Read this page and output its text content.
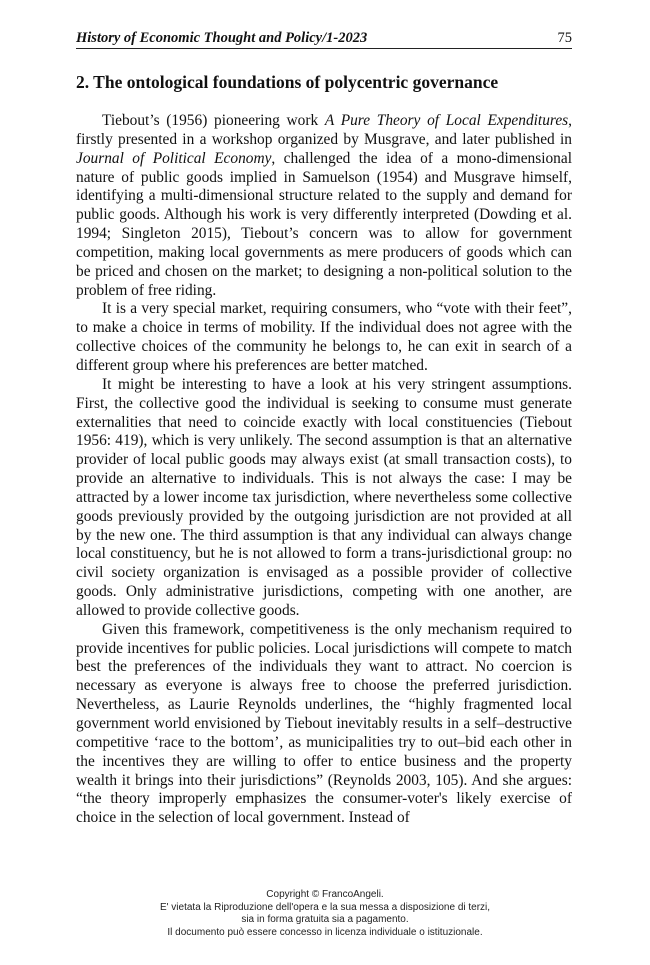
History of Economic Thought and Policy/1-2023	75
2. The ontological foundations of polycentric governance

Tiebout’s (1956) pioneering work A Pure Theory of Local Expenditures, firstly presented in a workshop organized by Musgrave, and later published in Journal of Political Economy, challenged the idea of a mono-dimensional nature of public goods implied in Samuelson (1954) and Musgrave himself, identifying a multi-dimensional structure related to the supply and demand for public goods. Although his work is very differently interpreted (Dowding et al. 1994; Singleton 2015), Tiebout’s concern was to allow for government competition, making local governments as mere producers of goods which can be priced and chosen on the market; to designing a non-political solution to the problem of free riding.

It is a very special market, requiring consumers, who “vote with their feet”, to make a choice in terms of mobility. If the individual does not agree with the collective choices of the community he belongs to, he can exit in search of a different group where his preferences are better matched.

It might be interesting to have a look at his very stringent assumptions. First, the collective good the individual is seeking to consume must generate externalities that need to coincide exactly with local constituencies (Tiebout 1956: 419), which is very unlikely. The second assumption is that an alternative provider of local public goods may always exist (at small transaction costs), to provide an alternative to individuals. This is not always the case: I may be attracted by a lower income tax jurisdiction, where nevertheless some collective goods previously provided by the outgoing jurisdiction are not provided at all by the new one. The third assumption is that any individual can always change local constituency, but he is not allowed to form a trans-jurisdictional group: no civil society organization is envisaged as a possible provider of collective goods. Only administrative jurisdictions, competing with one another, are allowed to provide collective goods.

Given this framework, competitiveness is the only mechanism required to provide incentives for public policies. Local jurisdictions will compete to match best the preferences of the individuals they want to attract. No coercion is necessary as everyone is always free to choose the preferred jurisdiction. Nevertheless, as Laurie Reynolds underlines, the “highly fragmented local government world envisioned by Tiebout inevitably results in a self–destructive competitive ‘race to the bottom’, as municipalities try to out–bid each other in the incentives they are willing to offer to entice business and the property wealth it brings into their jurisdictions” (Reynolds 2003, 105). And she argues: “the theory improperly emphasizes the consumer-voter's likely exercise of choice in the selection of local government. Instead of

Copyright © FrancoAngeli.
E' vietata la Riproduzione dell'opera e la sua messa a disposizione di terzi,
sia in forma gratuita sia a pagamento.
Il documento può essere concesso in licenza individuale o istituzionale.
